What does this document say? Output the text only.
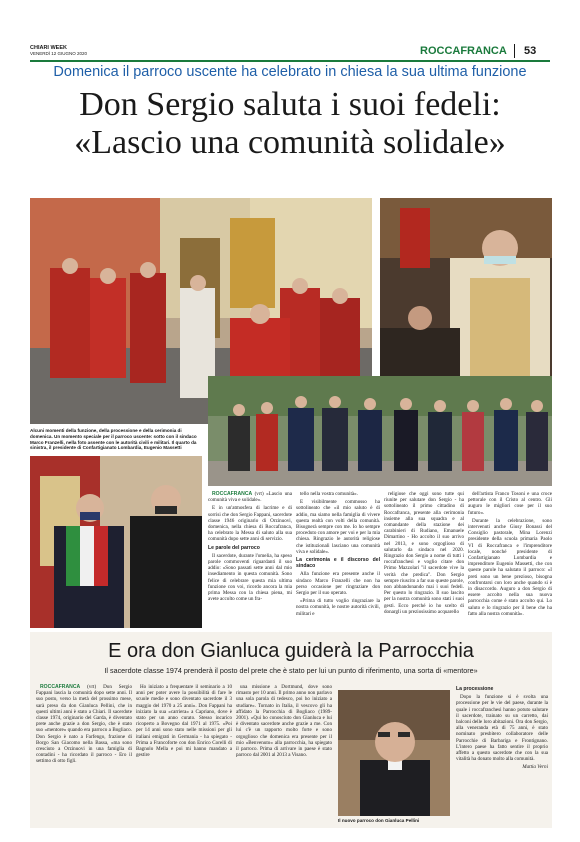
CHIARI WEEK
VENERDÌ 12 GIUGNO 2020	ROCCAFRANCA 53
Domenica il parroco uscente ha celebrato in chiesa la sua ultima funzione
Don Sergio saluta i suoi fedeli:
«Lascio una comunità solidale»
Alcuni momenti della funzione, della processione e della cerimonia di domenica. Un momento speciale per il parroco uscente: sotto con il sindaco Marco Franzelli, nella foto assente con le autorità civili e militari. Il quarto da sinistra, il presidente di Confartigianato Lombardia, Eugenio Massetti

ROCCAFRANCA (vrt) «Lascio una comunità viva e solidale».

E in un'atmosfera di lacrime e di sorrisi che don Sergio Fappani, sacerdote classe 1946 originario di Orzinuovi, domenica, nella chiesa di Roccafranca, ha celebrato la Messa di saluto alla sua comunità dopo sette anni di servizio.

Le parole del parroco

Il sacerdote, durante l'omelia, ha speso parole commoventi riguardanti il suo addio: «Sono passati sette anni dal mio insediamento in questa comunità. Sono felice di celebrare questa mia ultima funzione con voi, ricordo ancora la mia prima Messa con la chiesa piena, mi avete accolto come un fra-

tello nella vostra comunità».

E visibilmente commosso ha sottolineato che «il mio saluto è di addio, ma siamo nella famiglia di vivere questa realtà con volti della comunità. Bisognerà sempre con me. Io ho sempre proceduto con amore per voi e per la mia chiesa. Ringrazio le autorità religiose che istituzionali lasciano una comunità viva e solidale».

La cerimonia e il discorso del sindaco

Alla funzione era presente anche il sindaco Marco Franzelli che non ha perso occasione per ringraziare don Sergio per il suo operato.

«Prima di tutto voglio ringraziare la nostra comunità, le nostre autorità civili, militari e

religiose che oggi sono tutte qui riunite per salutare don Sergio - ha sottolineato il primo cittadino di Roccafranca, presente alla cerimonia insieme alla sua squadra e al comandante della stazione dei carabinieri di Rudiano, Emanuele Dimartino - Ho accolto il suo arrivo nel 2013, e sono orgoglioso di salutarlo da sindaco nel 2020. Ringrazio don Sergio a nome di tutti i roccafranchesi e voglio citare don Primo Mazzolari "il sacerdote vive la verità che predica". Don Sergio sempre riuscito a far suo queste parole, non abbandonando mai i suoi fedeli. Per questo lo ringrazio. Il suo lascito per la nostra comunità sono stati i suoi gesti. Ecco perché io ho scelto di donargli un preziosissimo acquarello

dell'artista Franco Tosoni e una croce pettorale con il Cristo al centro. Gli auguro le migliori cose per il suo futuro».

Durante la celebrazione, sono intervenuti anche Giusy Bonassi del Consiglio pastorale, Mina Lorenzi presidente della scuola primaria Paolo VI di Roccafranca e l'imprenditore locale, nonché presidente di Confartigianato Lombardia e imprenditore Eugenio Massetti, che con queste parole ha salutato il parroco: «I preti sono un bene prezioso, bisogna confrontarsi con loro anche quando si è in disaccordo. Auguro a don Sergio di essere accolto nella sua nuova parrocchia come è stato accolto qui. Lo saluto e lo ringrazio per il bene che ha fatto alla nostra comunità».

E ora don Gianluca guiderà la Parrocchia
Il sacerdote classe 1974 prenderà il posto del prete che è stato per lui un punto di riferimento, una sorta di «mentore»

ROCCAFRANCA (vrt) Don Sergio Fappani lascia la comunità dopo sette anni. Il suo posto, verso la metà del prossimo mese, sarà preso da don Gianluca Pellini, che in questi ultimi anni è stato a Chiari. Il sacerdote classe 1974, originario del Garda, è diventato prete anche grazie a don Sergio, che è stato suo «mentore» quando era parroco a Bogliaco. Don Sergio è nato a Farfengo, frazione di Borgo San Giacomo nella Bassa, «ma sono cresciuto a Orzinuovi in una famiglia di contadini - ha ricordato il parroco - Ero il settimo di otto figli.

Ho iniziato a frequentare il seminario a 10 anni per poter avere la possibilità di fare le scuole medie e sono diventato sacerdote il 3 maggio del 1970 a 25 anni». Don Fappani ha iniziato la sua «carriera» a Capriano, dove è stato per un anno curato. Stesso incarico ricoperto a Bovegno dal 1971 al 1975. «Poi per 14 anni sono stato nelle missioni per gli italiani emigrati in Germania - ha spiegato - Prima a Francoforte con don Enrico Corelli di Bagnolo Mella e poi mi hanno mandato a gestire

una missione a Dortmund, dove sono rimasto per 10 anni. Il primo anno non parlavo una sola parola di tedesco, poi ho iniziato a studiare». Tornato in Italia, il vescovo gli ha affidato la Parrocchia di Bogliaco (1989-2001). «Qui ho conosciuto don Gianluca e lui è diventato sacerdote anche grazie a me. Con lui c'è un rapporto molto forte e sono orgoglioso che domenica era presente per il mio «Benvenuto» alla parrocchia, ha spiegato il parroco. Prima di arrivare in paese è stato parroco dal 2001 al 2013 a Visano.

Il nuovo parroco don Gianluca Pellini

La processione

Dopo la funzione si è svolta una processione per le vie del paese, durante la quale i roccafranchesi hanno potuto salutare il sacerdote, trainato su un carretto, dai balconi delle loro abitazioni. Ora don Sergio, alla veneranda età di 75 anni, è stato nominato presbitero collaboratore delle Parrocchie di Barbariga e Frontignano. L'intero paese ha fatto sentire il proprio affetto a questo sacerdote che con la sua vitalità ha donato molto alla comunità.

Mattia Verni
